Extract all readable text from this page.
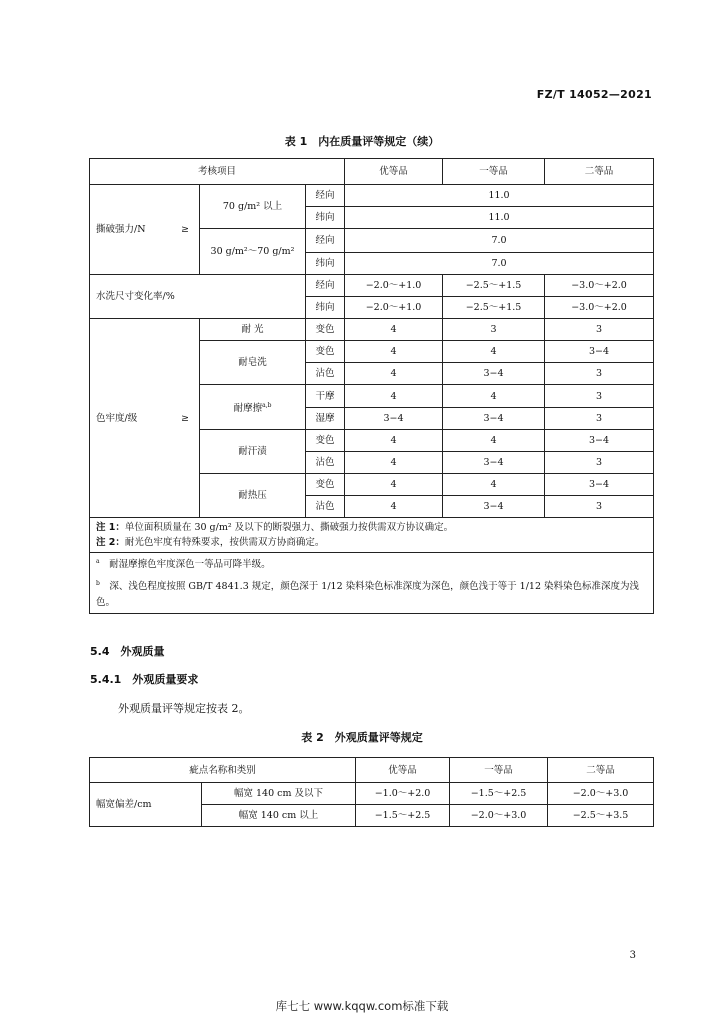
FZ/T 14052—2021
表 1　内在质量评等规定（续）
考核项目			优等品	一等品	二等品
撕破强力/N ≥	70 g/m² 以上	经向	11.0		
		纬向	11.0		
	30 g/m²～70 g/m²	经向	7.0		
		纬向	7.0		
水洗尺寸变化率/%		经向	−2.0～+1.0	−2.5～+1.5	−3.0～+2.0
		纬向	−2.0～+1.0	−2.5～+1.5	−3.0～+2.0
色牢度/级 ≥	耐 光	变色	4	3	3
	耐皂洗	变色	4	4	3−4
		沾色	4	3−4	3
	耐摩擦$^{a,b}$	干摩	4	4	3
		湿摩	3−4	3−4	3
	耐汗渍	变色	4	4	3−4
		沾色	4	3−4	3
	耐热压	变色	4	4	3−4
		沾色	4	3−4	3

注 1：单位面积质量在 30 g/m² 及以下的断裂强力、撕破强力按供需双方协议确定。
注 2：耐光色牢度有特殊要求，按供需双方协商确定。					

$^a$　 耐湿摩擦色牢度深色一等品可降半级。					
$^b$　 深、浅色程度按照 GB/T 4841.3 规定，颜色深于 1/12 染料染色标准深度为深色，颜色浅于等于 1/12 染料染色标准深度为浅色。					
5.4　外观质量
5.4.1　外观质量要求
外观质量评等规定按表 2。
表 2　外观质量评等规定
疵点名称和类别		优等品	一等品	二等品
幅宽偏差/cm	幅宽 140 cm 及以下	−1.0～+2.0	−1.5～+2.5	−2.0～+3.0
	幅宽 140 cm 以上	−1.5～+2.5	−2.0～+3.0	−2.5～+3.5
3
库七七 www.kqqw.com标准下载
